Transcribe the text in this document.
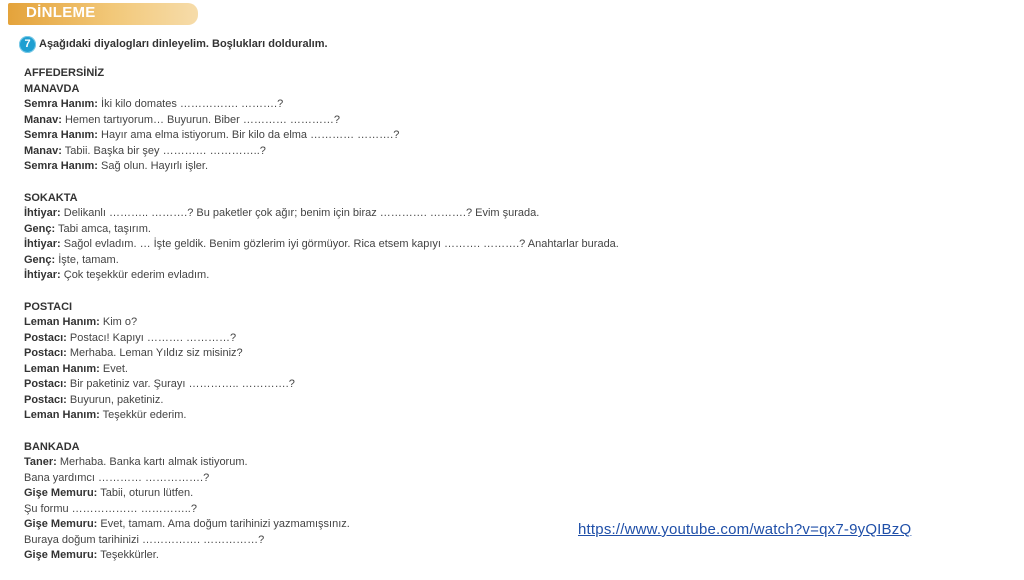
DİNLEME
7 Aşağıdaki diyalogları dinleyelim. Boşlukları dolduralım.
AFFEDERSİNİZ
MANAVDA
Semra Hanım: İki kilo domates ……………. ……….?
Manav: Hemen tartıyorum… Buyurun. Biber ………… …………?
Semra Hanım: Hayır ama elma istiyorum. Bir kilo da elma ………… ……….?
Manav: Tabii. Başka bir şey ………… …………..?
Semra Hanım: Sağ olun. Hayırlı işler.
SOKAKTA
İhtiyar: Delikanlı ……….. ……….? Bu paketler çok ağır; benim için biraz …………. ……….? Evim şurada.
Genç: Tabi amca, taşırım.
İhtiyar: Sağol evladım. … İşte geldik. Benim gözlerim iyi görmüyor. Rica etsem kapıyı ………. ……….? Anahtarlar burada.
Genç: İşte, tamam.
İhtiyar: Çok teşekkür ederim evladım.
POSTACI
Leman Hanım: Kim o?
Postacı: Postacı! Kapıyı ………. …………?
Postacı: Merhaba. Leman Yıldız siz misiniz?
Leman Hanım: Evet.
Postacı: Bir paketiniz var. Şurayı ………….. ………….?
Postacı: Buyurun, paketiniz.
Leman Hanım: Teşekkür ederim.
BANKADA
Taner: Merhaba. Banka kartı almak istiyorum.
Bana yardımcı ………… …………….?
Gişe Memuru: Tabii, oturun lütfen.
Şu formu ……………… …………..?
Gişe Memuru: Evet, tamam. Ama doğum tarihinizi yazmamışsınız.
Buraya doğum tarihinizi ……………. ……………?
Gişe Memuru: Teşekkürler.
https://www.youtube.com/watch?v=qx7-9yQIBzQ
